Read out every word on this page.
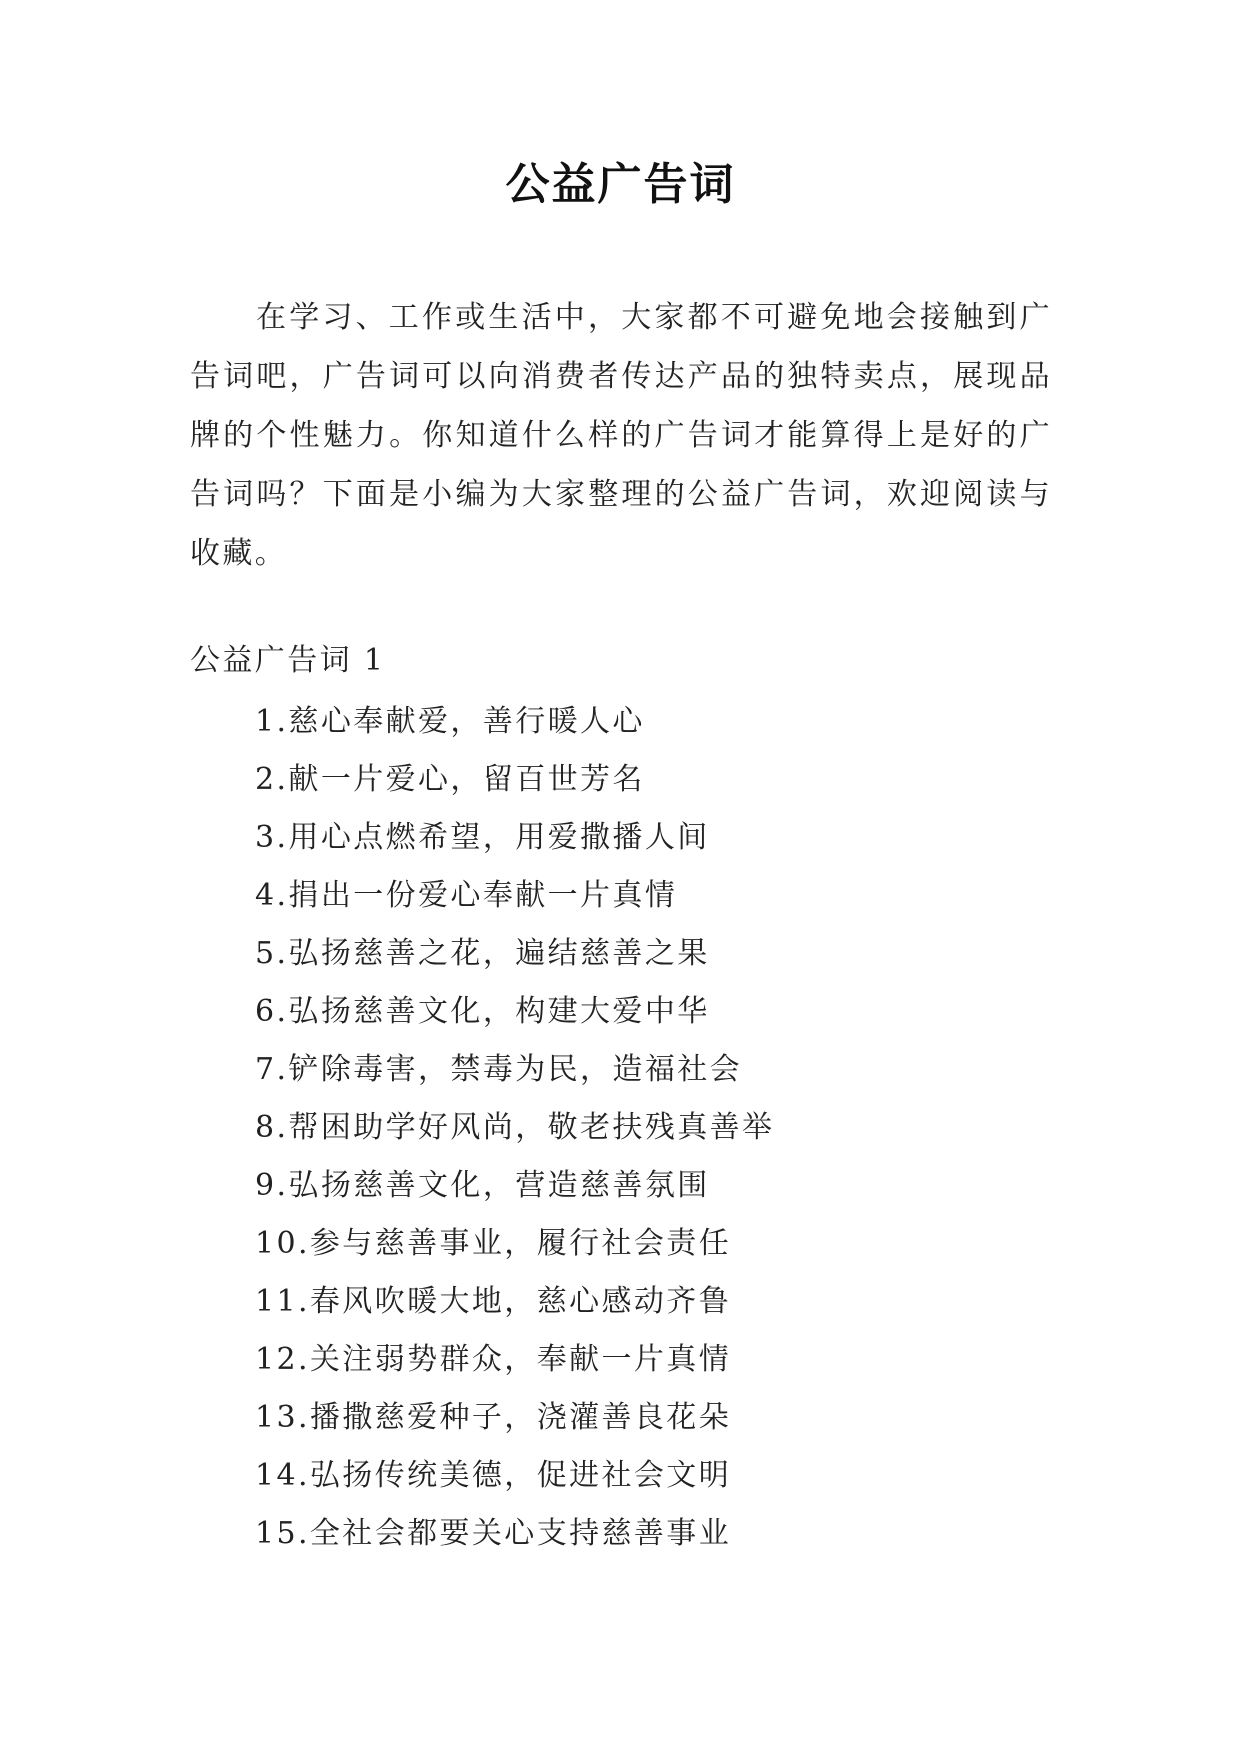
公益广告词

在学习、工作或生活中，大家都不可避免地会接触到广告词吧，广告词可以向消费者传达产品的独特卖点，展现品牌的个性魅力。你知道什么样的广告词才能算得上是好的广告词吗？下面是小编为大家整理的公益广告词，欢迎阅读与收藏。

公益广告词 1
1.慈心奉献爱，善行暖人心
2.献一片爱心，留百世芳名
3.用心点燃希望，用爱撒播人间
4.捐出一份爱心奉献一片真情
5.弘扬慈善之花，遍结慈善之果
6.弘扬慈善文化，构建大爱中华
7.铲除毒害，禁毒为民，造福社会
8.帮困助学好风尚，敬老扶残真善举
9.弘扬慈善文化，营造慈善氛围
10.参与慈善事业，履行社会责任
11.春风吹暖大地，慈心感动齐鲁
12.关注弱势群众，奉献一片真情
13.播撒慈爱种子，浇灌善良花朵
14.弘扬传统美德，促进社会文明
15.全社会都要关心支持慈善事业
